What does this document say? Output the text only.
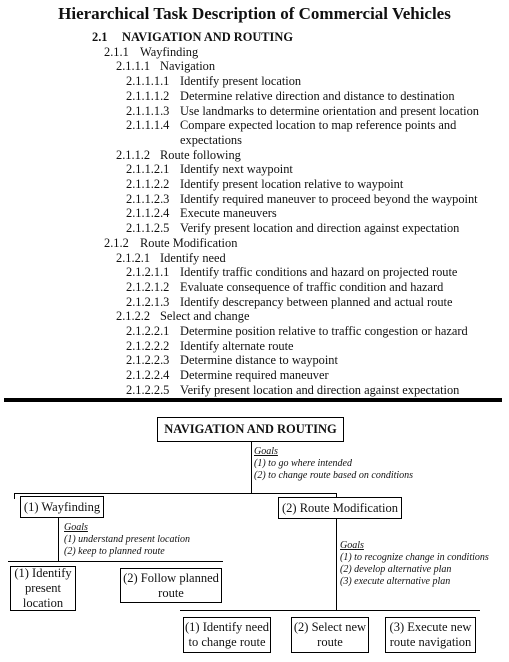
Hierarchical Task Description of Commercial Vehicles
2.1 NAVIGATION AND ROUTING
2.1.1 Wayfinding
2.1.1.1 Navigation
2.1.1.1.1 Identify present location
2.1.1.1.2 Determine relative direction and distance to destination
2.1.1.1.3 Use landmarks to determine orientation and present location
2.1.1.1.4 Compare expected location to map reference points and
expectations
2.1.1.2 Route following
2.1.1.2.1 Identify next waypoint
2.1.1.2.2 Identify present location relative to waypoint
2.1.1.2.3 Identify required maneuver to proceed beyond the waypoint
2.1.1.2.4 Execute maneuvers
2.1.1.2.5 Verify present location and direction against expectation
2.1.2 Route Modification
2.1.2.1 Identify need
2.1.2.1.1 Identify traffic conditions and hazard on projected route
2.1.2.1.2 Evaluate consequence of traffic condition and hazard
2.1.2.1.3 Identify descrepancy between planned and actual route
2.1.2.2 Select and change
2.1.2.2.1 Determine position relative to traffic congestion or hazard
2.1.2.2.2 Identify alternate route
2.1.2.2.3 Determine distance to waypoint
2.1.2.2.4 Determine required maneuver
2.1.2.2.5 Verify present location and direction against expectation
NAVIGATION AND ROUTING
Goals
(1) to go where intended
(2) to change route based on conditions
(1) Wayfinding
Goals
(1) understand present location
(2) keep to planned route
(2) Route Modification
Goals
(1) to recognize change in conditions
(2) develop alternative plan
(3) execute alternative plan
(1) Identify
present
location
(2) Follow planned
route
(1) Identify need
to change route
(2) Select new
route
(3) Execute new
route navigation
